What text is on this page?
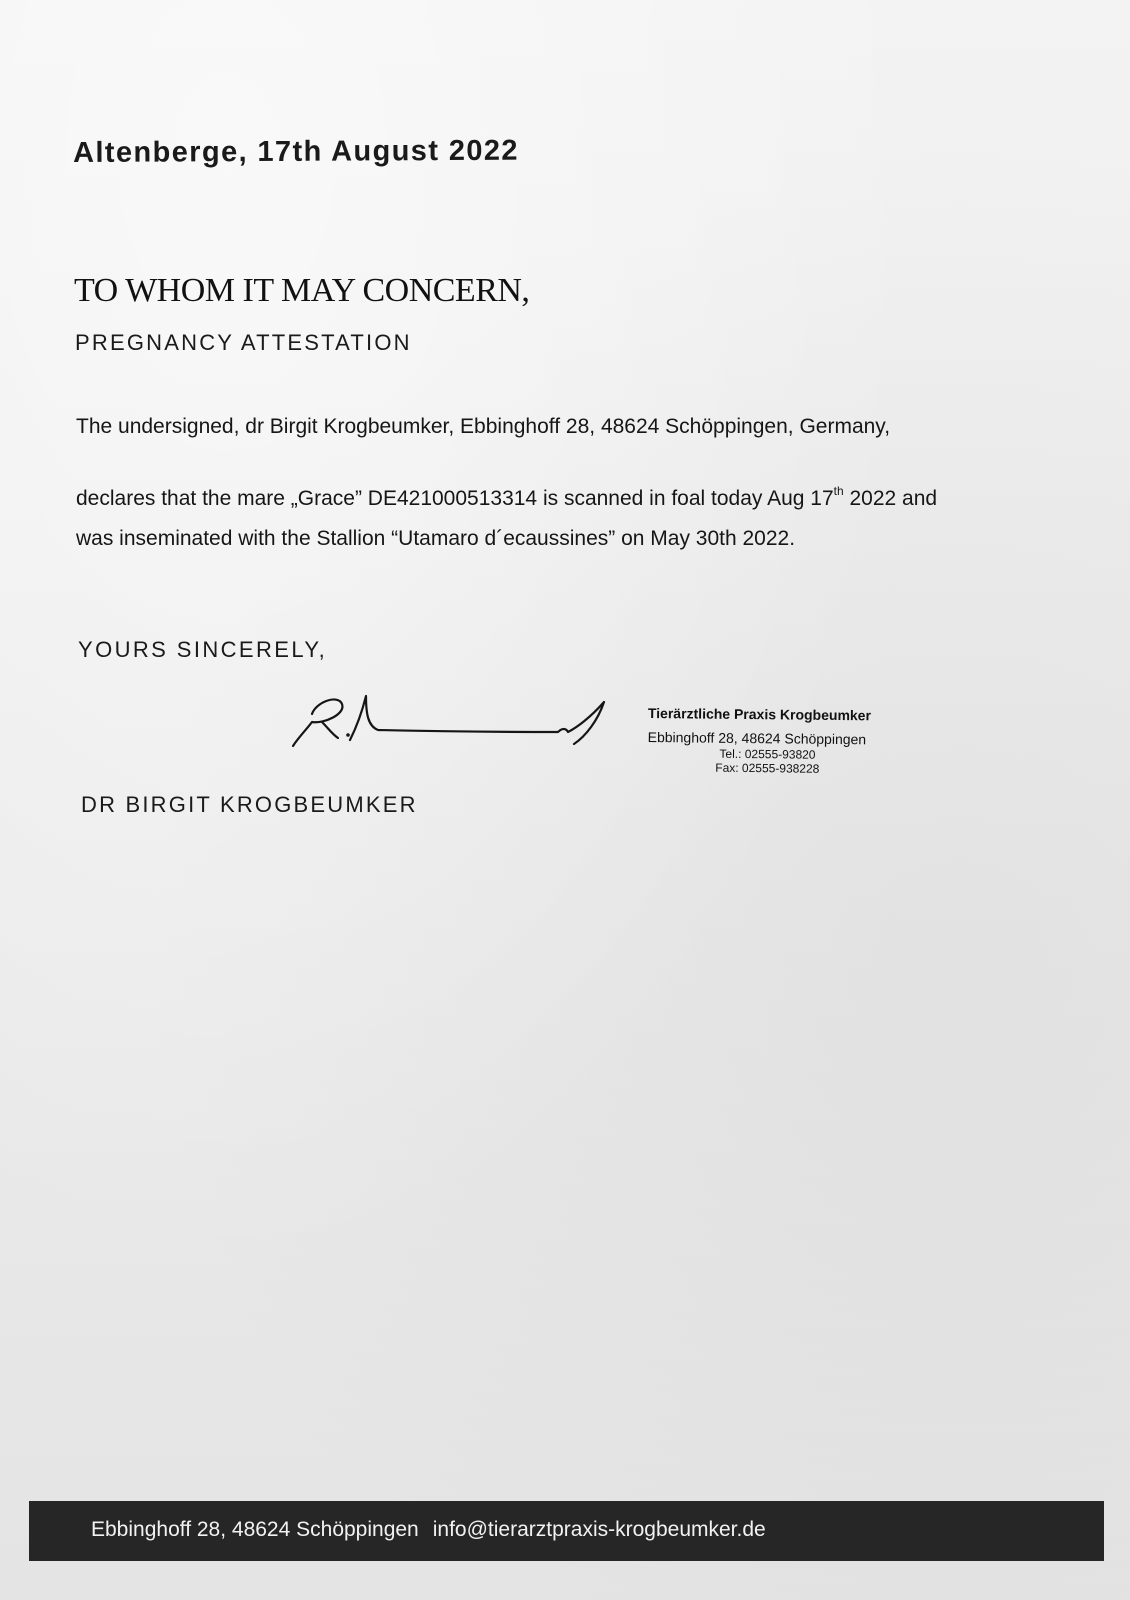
Altenberge, 17th August 2022
TO WHOM IT MAY CONCERN,
PREGNANCY ATTESTATION
The undersigned, dr Birgit Krogbeumker, Ebbinghoff 28, 48624 Schöppingen, Germany,
declares that the mare „Grace” DE421000513314 is scanned in foal today Aug 17th 2022 and
was inseminated with the Stallion “Utamaro d´ecaussines” on May 30th 2022.
YOURS SINCERELY,
Tierärztliche Praxis Krogbeumker
Ebbinghoff 28, 48624 Schöppingen
Tel.: 02555-93820
Fax: 02555-938228
DR BIRGIT KROGBEUMKER
Ebbinghoff 28, 48624 Schöppingen info@tierarztpraxis-krogbeumker.de
